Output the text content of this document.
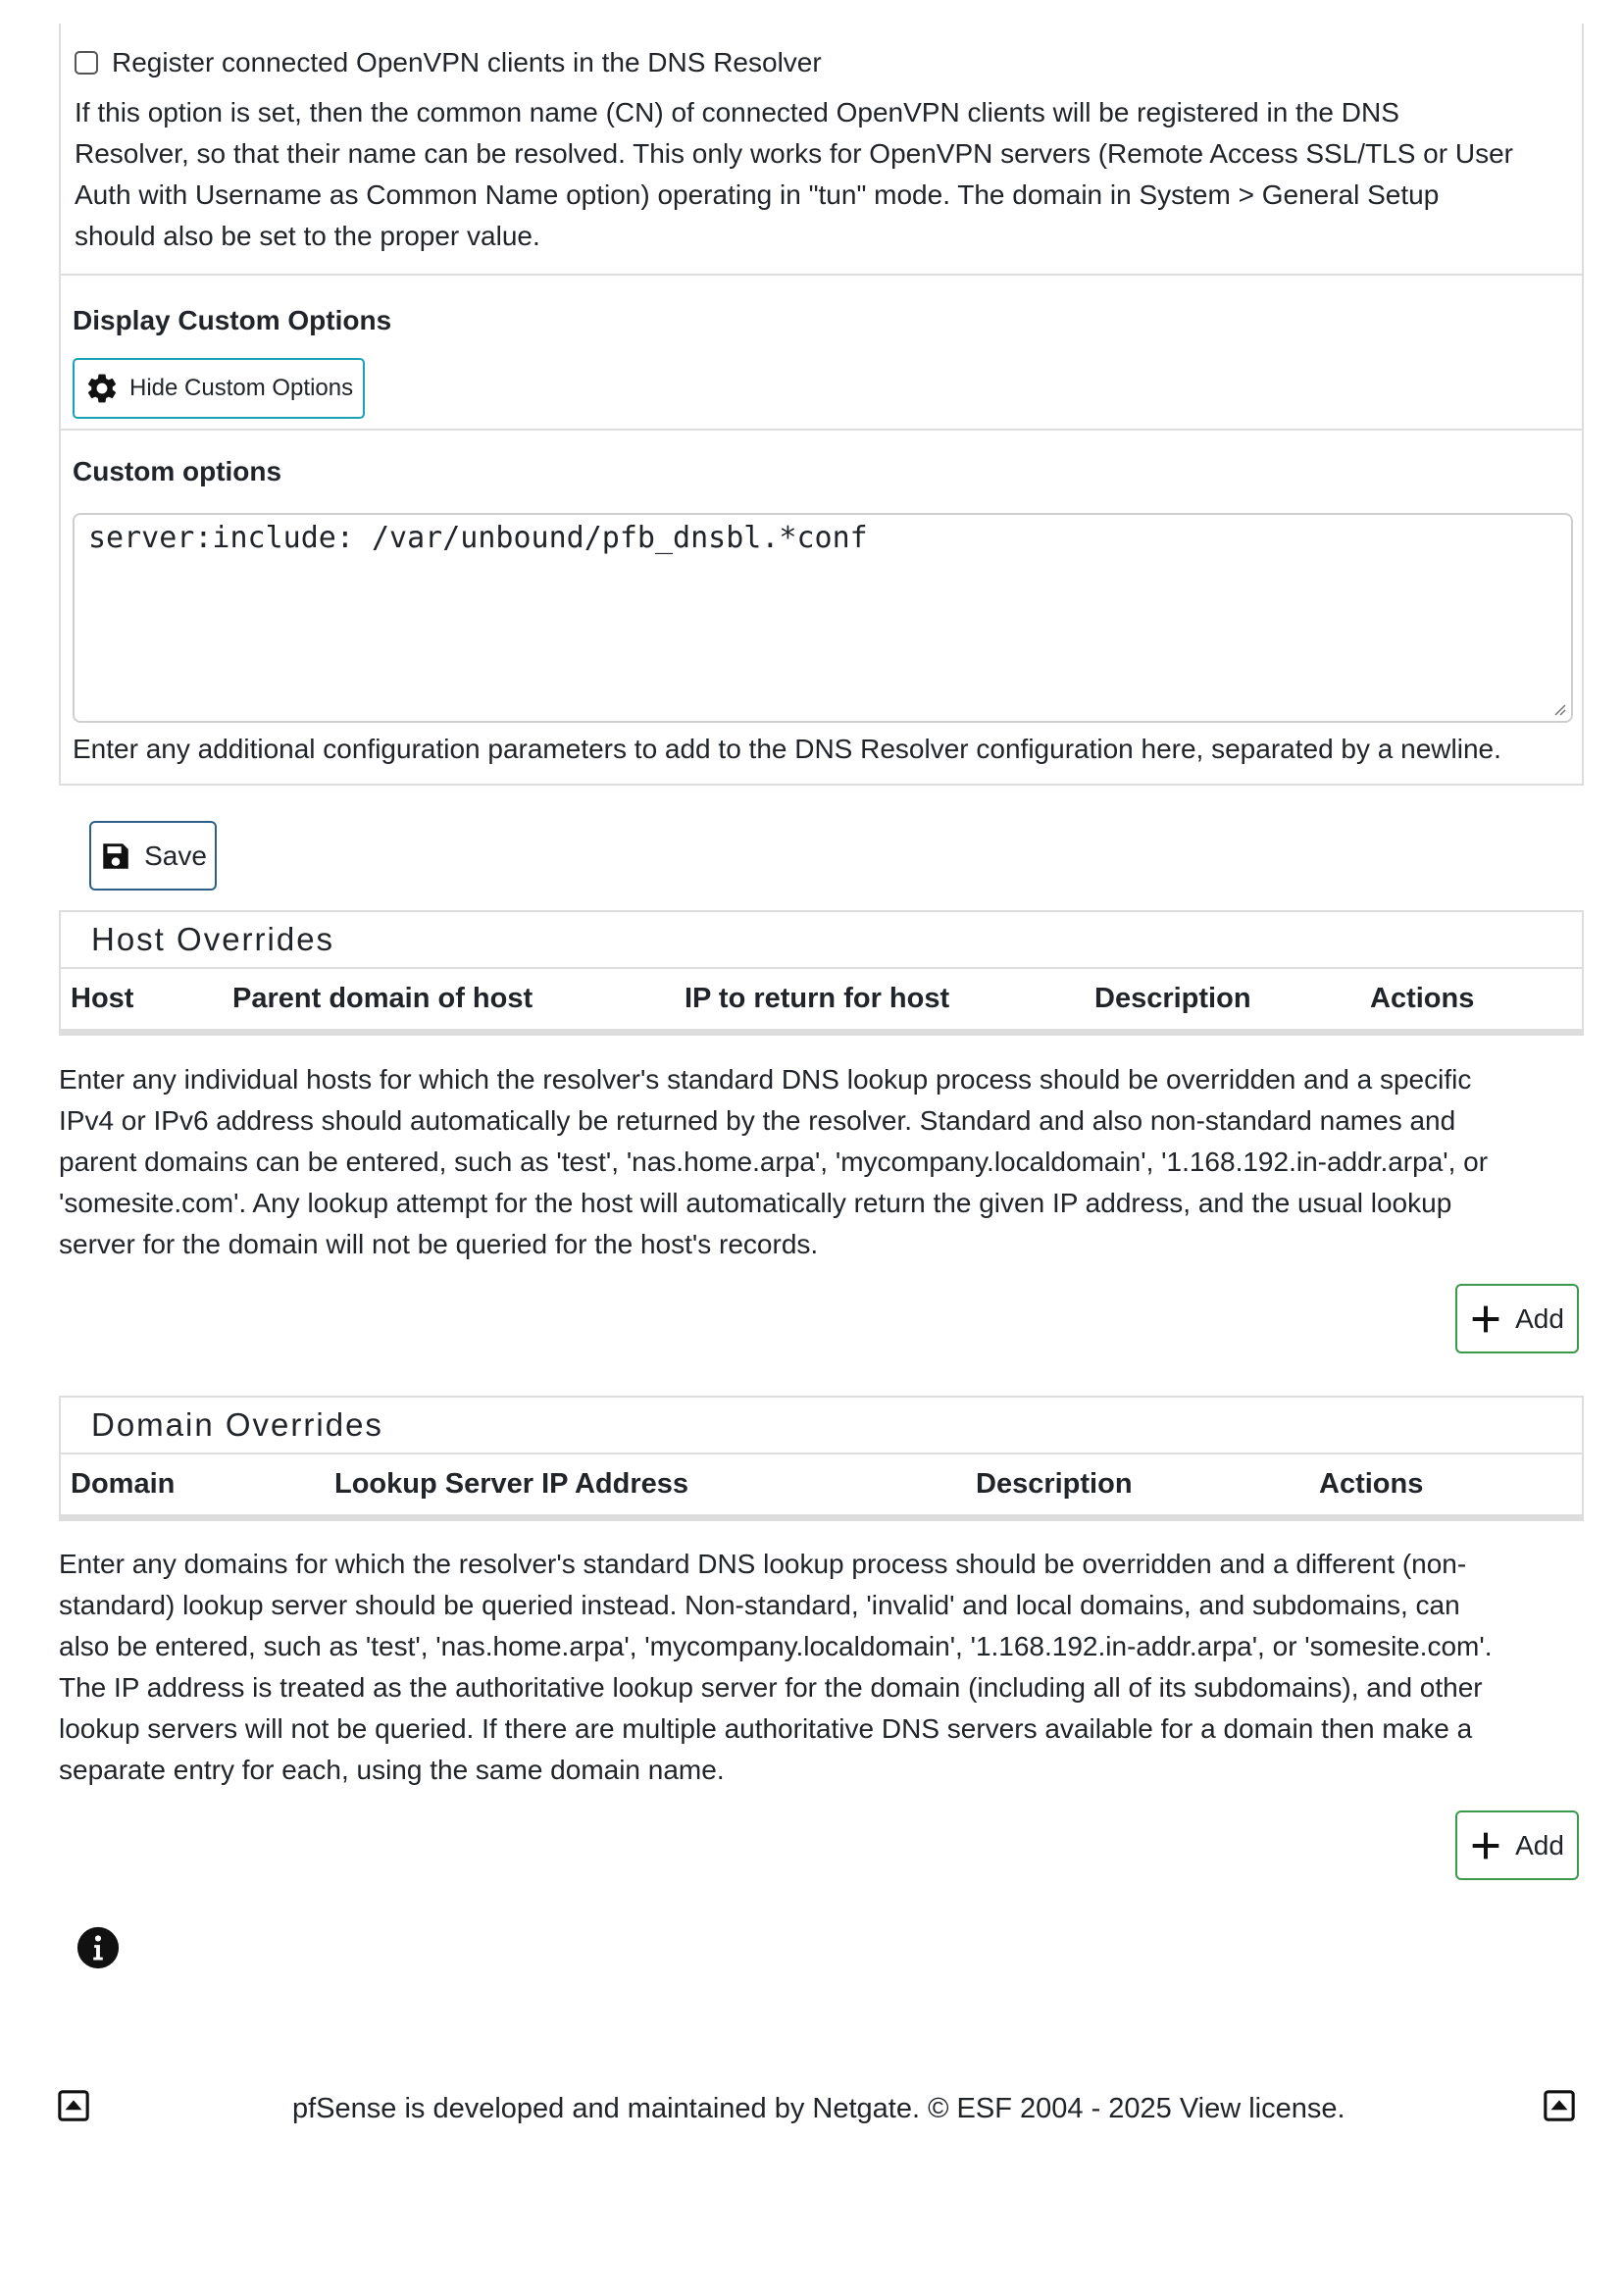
Register connected OpenVPN clients in the DNS Resolver
If this option is set, then the common name (CN) of connected OpenVPN clients will be registered in the DNS
Resolver, so that their name can be resolved. This only works for OpenVPN servers (Remote Access SSL/TLS or User
Auth with Username as Common Name option) operating in "tun" mode. The domain in System > General Setup
should also be set to the proper value.
Display Custom Options
Hide Custom Options
Custom options
server:include: /var/unbound/pfb_dnsbl.*conf
Enter any additional configuration parameters to add to the DNS Resolver configuration here, separated by a newline.
Save
Host Overrides
Host	Parent domain of host	IP to return for host	Description	Actions
Enter any individual hosts for which the resolver's standard DNS lookup process should be overridden and a specific
IPv4 or IPv6 address should automatically be returned by the resolver. Standard and also non-standard names and
parent domains can be entered, such as 'test', 'nas.home.arpa', 'mycompany.localdomain', '1.168.192.in-addr.arpa', or
'somesite.com'. Any lookup attempt for the host will automatically return the given IP address, and the usual lookup
server for the domain will not be queried for the host's records.
Add
Domain Overrides
Domain	Lookup Server IP Address	Description	Actions
Enter any domains for which the resolver's standard DNS lookup process should be overridden and a different (non-
standard) lookup server should be queried instead. Non-standard, 'invalid' and local domains, and subdomains, can
also be entered, such as 'test', 'nas.home.arpa', 'mycompany.localdomain', '1.168.192.in-addr.arpa', or 'somesite.com'.
The IP address is treated as the authoritative lookup server for the domain (including all of its subdomains), and other
lookup servers will not be queried. If there are multiple authoritative DNS servers available for a domain then make a
separate entry for each, using the same domain name.
Add
pfSense is developed and maintained by Netgate. © ESF 2004 - 2025 View license.
